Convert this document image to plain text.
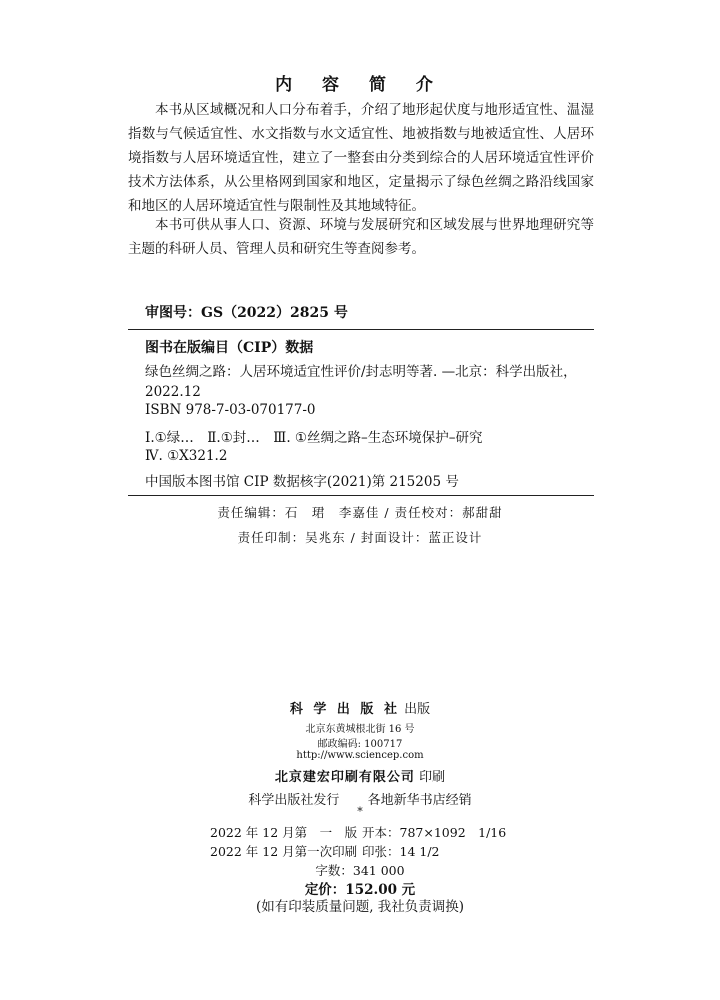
内 容 简 介
本书从区域概况和人口分布着手，介绍了地形起伏度与地形适宜性、温湿指数与气候适宜性、水文指数与水文适宜性、地被指数与地被适宜性、人居环境指数与人居环境适宜性，建立了一整套由分类到综合的人居环境适宜性评价技术方法体系，从公里格网到国家和地区，定量揭示了绿色丝绸之路沿线国家和地区的人居环境适宜性与限制性及其地域特征。
本书可供从事人口、资源、环境与发展研究和区域发展与世界地理研究等主题的科研人员、管理人员和研究生等查阅参考。
审图号：GS（2022）2825 号
图书在版编目（CIP）数据
绿色丝绸之路：人居环境适宜性评价/封志明等著. —北京：科学出版社，2022.12
ISBN 978-7-03-070177-0
Ⅰ.①绿…　Ⅱ.①封…　Ⅲ. ①丝绸之路–生态环境保护–研究
Ⅳ. ①X321.2
中国版本图书馆 CIP 数据核字(2021)第 215205 号
责任编辑：石　珺　李嘉佳 / 责任校对：郝甜甜
责任印制：吴兆东 / 封面设计：蓝正设计
科 学 出 版 社 出版
北京东黄城根北街 16 号
邮政编码: 100717
http://www.sciencep.com
北京建宏印刷有限公司 印刷
科学出版社发行 各地新华书店经销
*
2022 年 12 月第　一　版 开本：787×1092　1/16
2022 年 12 月第一次印刷 印张：14 1/2
字数：341 000
定价：152.00 元
(如有印装质量问题, 我社负责调换)
